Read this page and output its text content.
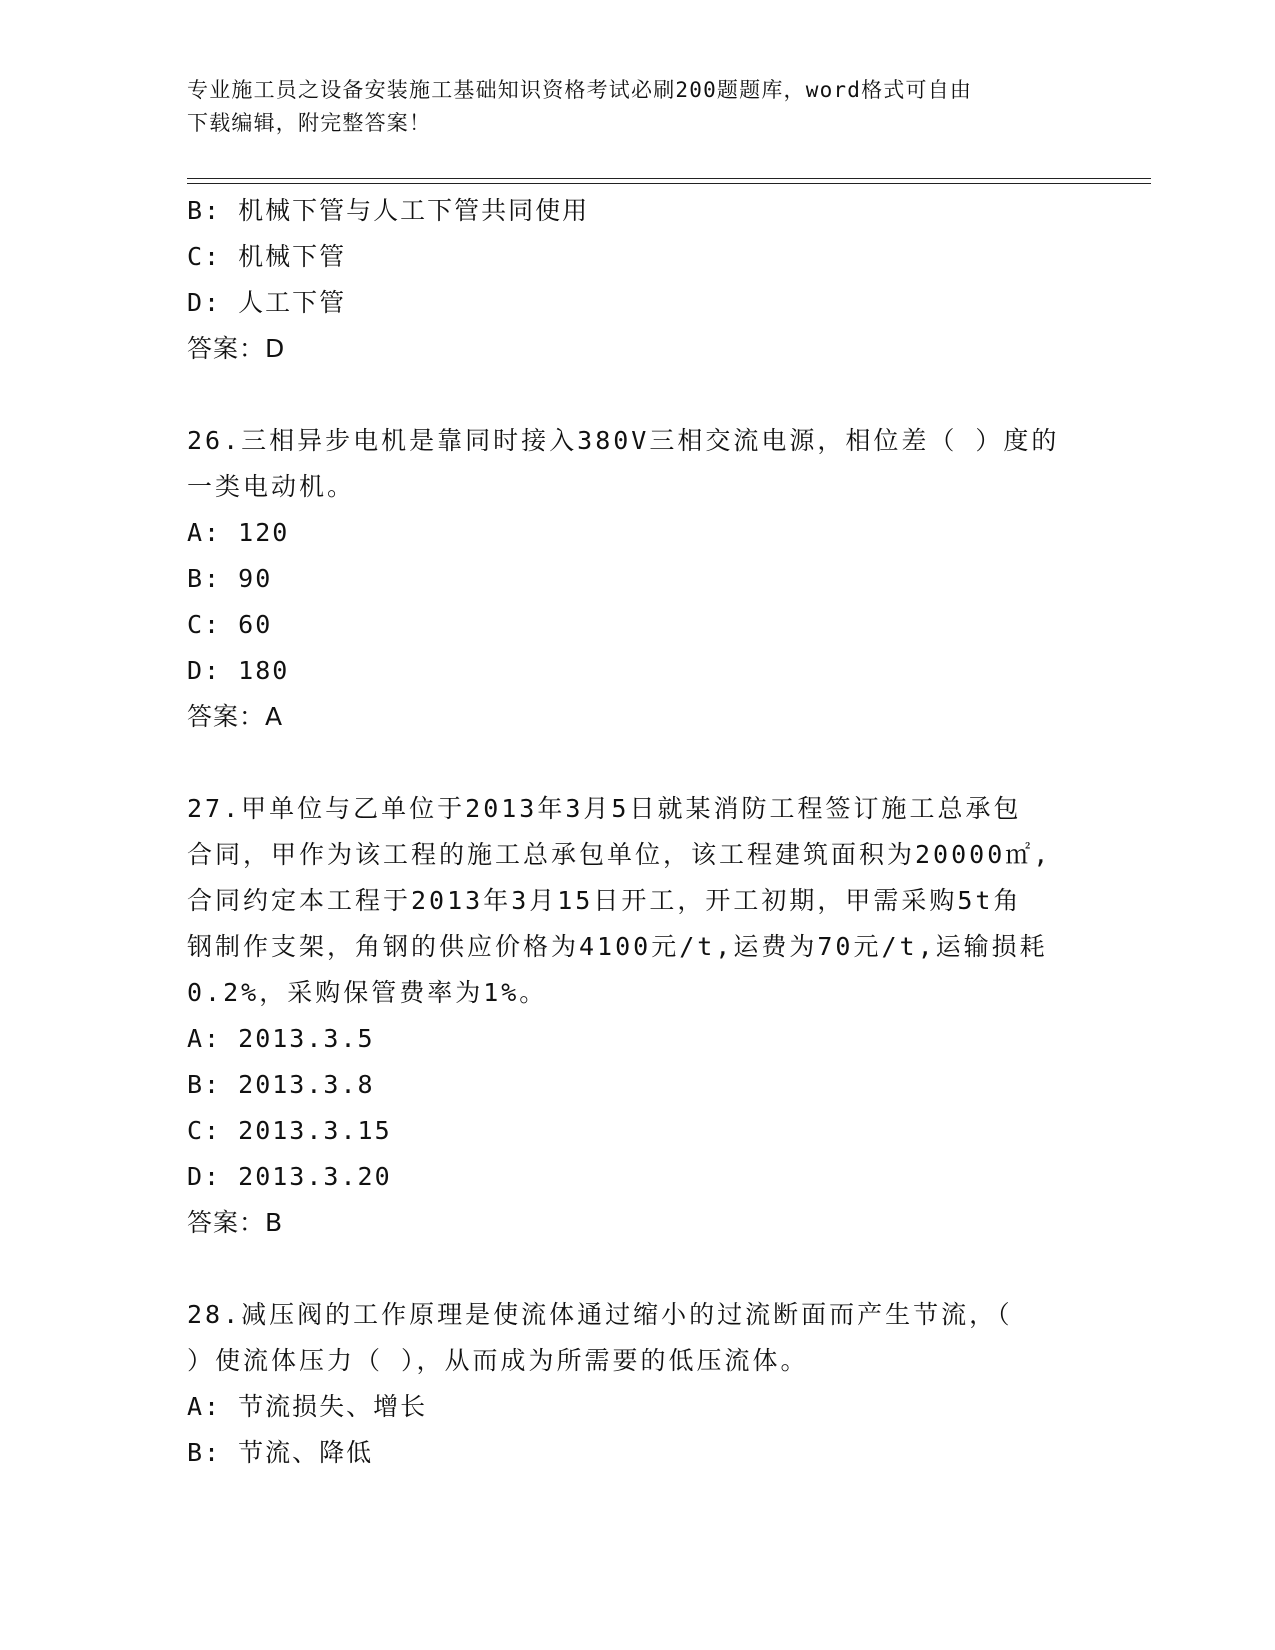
专业施工员之设备安装施工基础知识资格考试必刷200题题库，word格式可自由
下载编辑，附完整答案！
B: 机械下管与人工下管共同使用
C: 机械下管
D: 人工下管
答案：D
26.三相异步电机是靠同时接入380V三相交流电源，相位差（ ）度的
一类电动机。
A: 120
B: 90
C: 60
D: 180
答案：A
27.甲单位与乙单位于2013年3月5日就某消防工程签订施工总承包
合同，甲作为该工程的施工总承包单位，该工程建筑面积为20000㎡,
合同约定本工程于2013年3月15日开工，开工初期，甲需采购5t角
钢制作支架，角钢的供应价格为4100元/t,运费为70元/t,运输损耗
0.2%，采购保管费率为1%。
A: 2013.3.5
B: 2013.3.8
C: 2013.3.15
D: 2013.3.20
答案：B
28.减压阀的工作原理是使流体通过缩小的过流断面而产生节流，（
）使流体压力（ ），从而成为所需要的低压流体。
A: 节流损失、增长
B: 节流、降低
